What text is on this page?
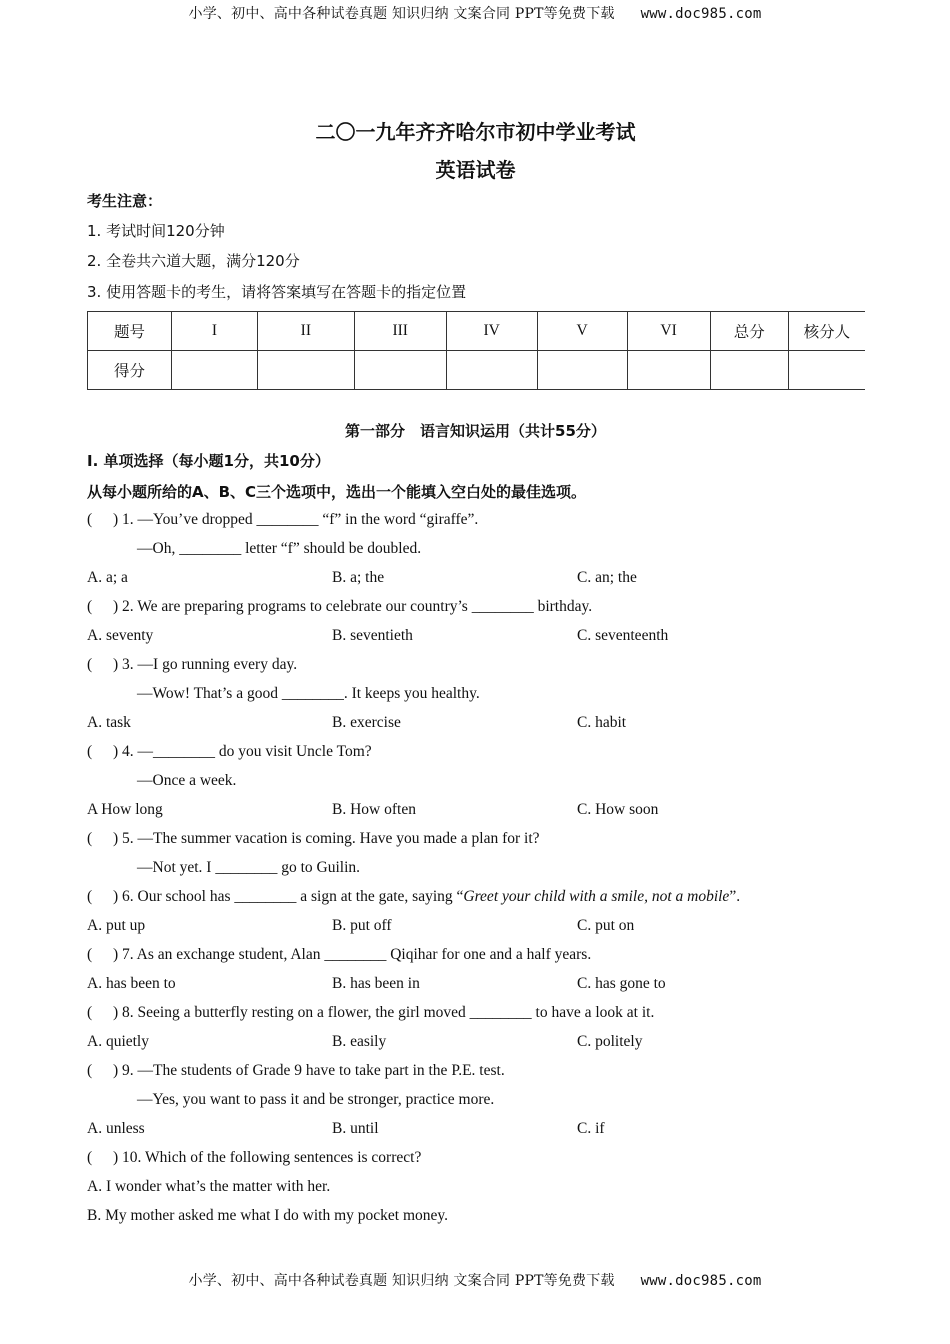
小学、初中、高中各种试卷真题 知识归纳 文案合同 PPT等免费下载 www.doc985.com
二〇一九年齐齐哈尔市初中学业考试
英语试卷
考生注意：
1. 考试时间120分钟
2. 全卷共六道大题，满分120分
3. 使用答题卡的考生，请将答案填写在答题卡的指定位置
题号	I	II	III	IV	V	VI	总分	核分人
得分								
第一部分　语言知识运用（共计55分）
I. 单项选择（每小题1分，共10分）
从每小题所给的A、B、C三个选项中，选出一个能填入空白处的最佳选项。
( ) 1. —You’ve dropped ________ “f” in the word “giraffe”.
—Oh, ________ letter “f” should be doubled.
A. a; a	B. a; the	C. an; the
( ) 2. We are preparing programs to celebrate our country’s ________ birthday.
A. seventy	B. seventieth	C. seventeenth
( ) 3. —I go running every day.
—Wow! That’s a good ________. It keeps you healthy.
A. task	B. exercise	C. habit
( ) 4. —________ do you visit Uncle Tom?
—Once a week.
A How long	B. How often	C. How soon
( ) 5. —The summer vacation is coming. Have you made a plan for it?
—Not yet. I ________ go to Guilin.
( ) 6. Our school has ________ a sign at the gate, saying “Greet your child with a smile, not a mobile”.
A. put up	B. put off	C. put on
( ) 7. As an exchange student, Alan ________ Qiqihar for one and a half years.
A. has been to	B. has been in	C. has gone to
( ) 8. Seeing a butterfly resting on a flower, the girl moved ________ to have a look at it.
A. quietly	B. easily	C. politely
( ) 9. —The students of Grade 9 have to take part in the P.E. test.
—Yes, you want to pass it and be stronger, practice more.
A. unless	B. until	C. if
( ) 10. Which of the following sentences is correct?
A. I wonder what’s the matter with her.
B. My mother asked me what I do with my pocket money.
小学、初中、高中各种试卷真题 知识归纳 文案合同 PPT等免费下载 www.doc985.com
